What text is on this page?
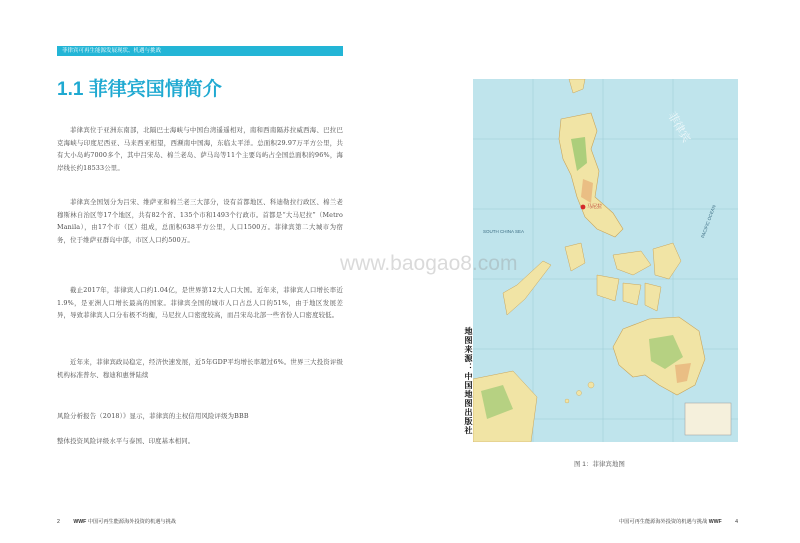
菲律宾可再生能源发展现状、机遇与挑战
1.1 菲律宾国情简介

菲律宾位于亚洲东南部，北隔巴士海峡与中国台湾遥遥相对，南和西南隔苏拉威西海、巴拉巴克海峡与印度尼西亚、马来西亚相望，西濒南中国海，东临太平洋。总面积29.97万平方公里，共有大小岛屿7000多个，其中吕宋岛、棉兰老岛、萨马岛等11个主要岛屿占全国总面积的96%，海岸线长约18533公里。

菲律宾全国划分为吕宋、维萨亚和棉兰老三大部分，设有首都地区、科迪勒拉行政区、棉兰老穆斯林自治区等17个地区，共有82个省、135个市和1493个行政市。首都是“大马尼拉”（Metro Manila），由17个市（区）组成，总面积638平方公里，人口1500万。菲律宾第二大城市为宿务，位于维萨亚群岛中部，市区人口约500万。

截止2017年，菲律宾人口约1.04亿，是世界第12大人口大国。近年来，菲律宾人口增长率近1.9%，是亚洲人口增长最高的国家。菲律宾全国的城市人口占总人口的51%，由于地区发展差异，导致菲律宾人口分布极不均衡，马尼拉人口密度较高，而吕宋岛北部一些省份人口密度较低。

近年来，菲律宾政局稳定，经济快速发展，近5年GDP平均增长率超过6%。世界三大投资评级机构标准普尔、穆迪和惠誉陆续

风险分析报告（2018）》显示，菲律宾的主权信用风险评级为BBB

整体投资风险评级水平与泰国、印度基本相同。

SOUTH CHINA SEA	PACIFIC OCEAN
马尼拉
菲律宾
地图来源：中国地图出版社
www.baogao8.com
图 1：菲律宾地图
2	WWF 中国可再生能源海外投资的机遇与挑战	中国可再生能源海外投资的机遇与挑战 WWF	4
